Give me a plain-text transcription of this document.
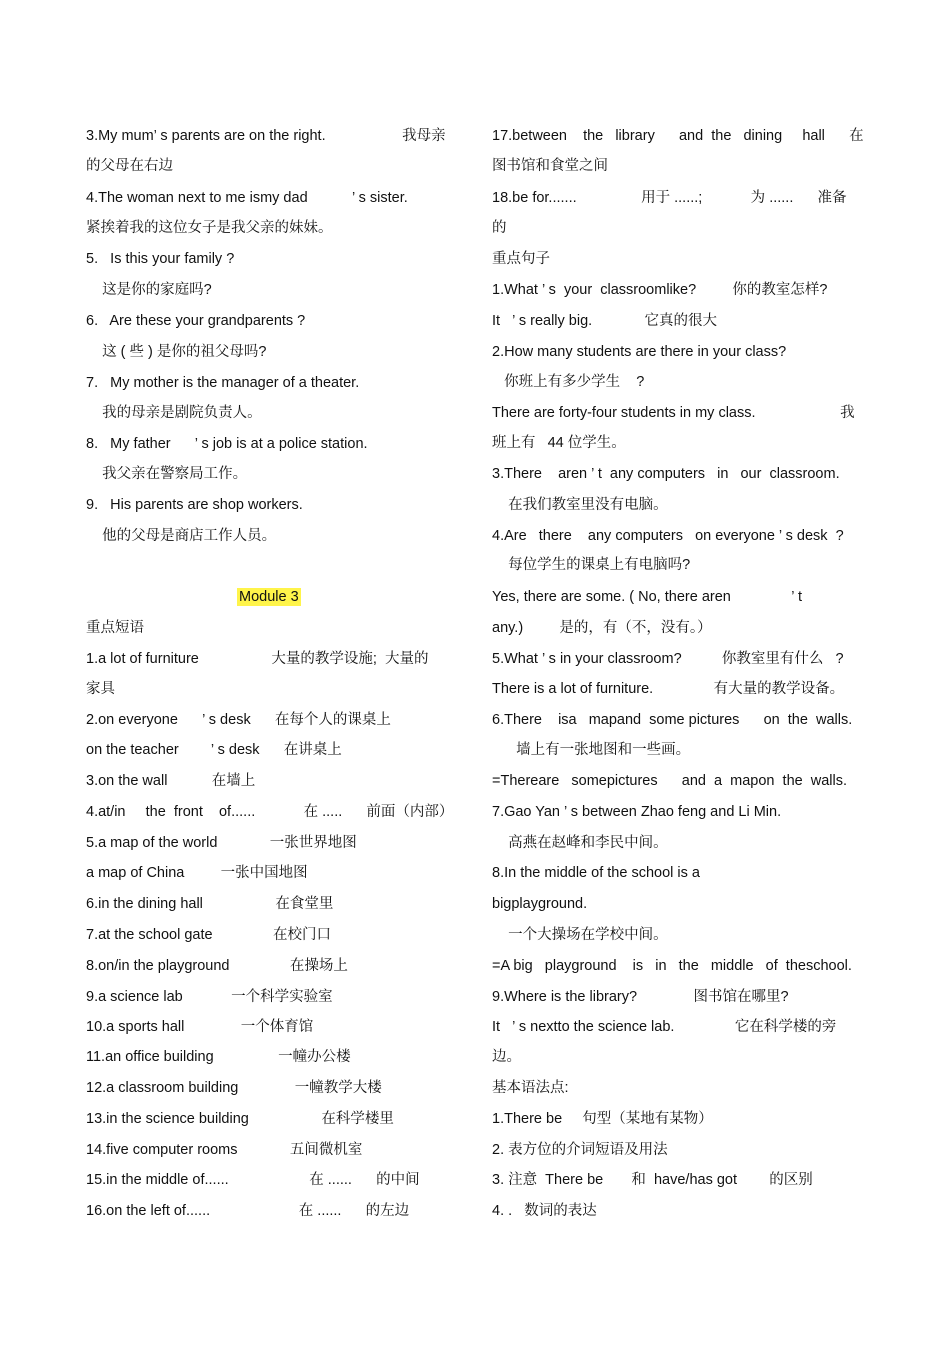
3.My mum’ s parents are on the right.                   我母亲
的父母在右边
4.The woman next to me ismy dad           ’ s sister.
紧挨着我的这位女子是我父亲的妹妹。
5.   Is this your family ?
这是你的家庭吗?
6.   Are these your grandparents ?
这 ( 些 ) 是你的祖父母吗?
7.   My mother is the manager of a theater.
我的母亲是剧院负责人。
8.   My father      ’ s job is at a police station.
我父亲在警察局工作。
9.   His parents are shop workers.
他的父母是商店工作人员。
Module 3
重点短语
1.a lot of furniture                  大量的教学设施;  大量的
家具
2.on everyone      ’ s desk      在每个人的课桌上
on the teacher        ’ s desk      在讲桌上
3.on the wall           在墙上
4.at/in     the  front    of......            在 .....      前面（内部）
5.a map of the world             一张世界地图
a map of China         一张中国地图
6.in the dining hall                  在食堂里
7.at the school gate               在校门口
8.on/in the playground               在操场上
9.a science lab            一个科学实验室
10.a sports hall              一个体育馆
11.an office building                一幢办公楼
12.a classroom building              一幢教学大楼
13.in the science building                  在科学楼里
14.five computer rooms             五间微机室
15.in the middle of......                    在 ......      的中间
16.on the left of......                      在 ......      的左边
17.between    the   library      and  the   dining     hall      在
图书馆和食堂之间
18.be for.......                用于 ......;            为 ......      准备
的
重点句子
1.What ’ s  your  classroomlike?         你的教室怎样?
It   ’ s really big.             它真的很大
2.How many students are there in your class?
你班上有多少学生    ?
There are forty-four students in my class.                     我
班上有   44 位学生。
3.There    aren ’ t  any computers   in   our  classroom.
在我们教室里没有电脑。
4.Are   there    any computers   on everyone ’ s desk  ?
每位学生的课桌上有电脑吗?
Yes, there are some. ( No, there aren               ’ t
any.)         是的，有（不，没有。）
5.What ’ s in your classroom?          你教室里有什么   ?
There is a lot of furniture.               有大量的教学设备。
6.There    isa   mapand  some pictures      on  the  walls.
墙上有一张地图和一些画。
=Thereare   somepictures      and  a  mapon  the  walls.
7.Gao Yan ’ s between Zhao feng and Li Min.
高燕在赵峰和李民中间。
8.In the middle of the school is a
bigplayground.
一个大操场在学校中间。
=A big   playground    is   in   the   middle   of  theschool.
9.Where is the library?              图书馆在哪里?
It   ’ s nextto the science lab.               它在科学楼的旁
边。
基本语法点:
1.There be     句型（某地有某物）
2. 表方位的介词短语及用法
3. 注意  There be       和  have/has got        的区别
4. .   数词的表达
